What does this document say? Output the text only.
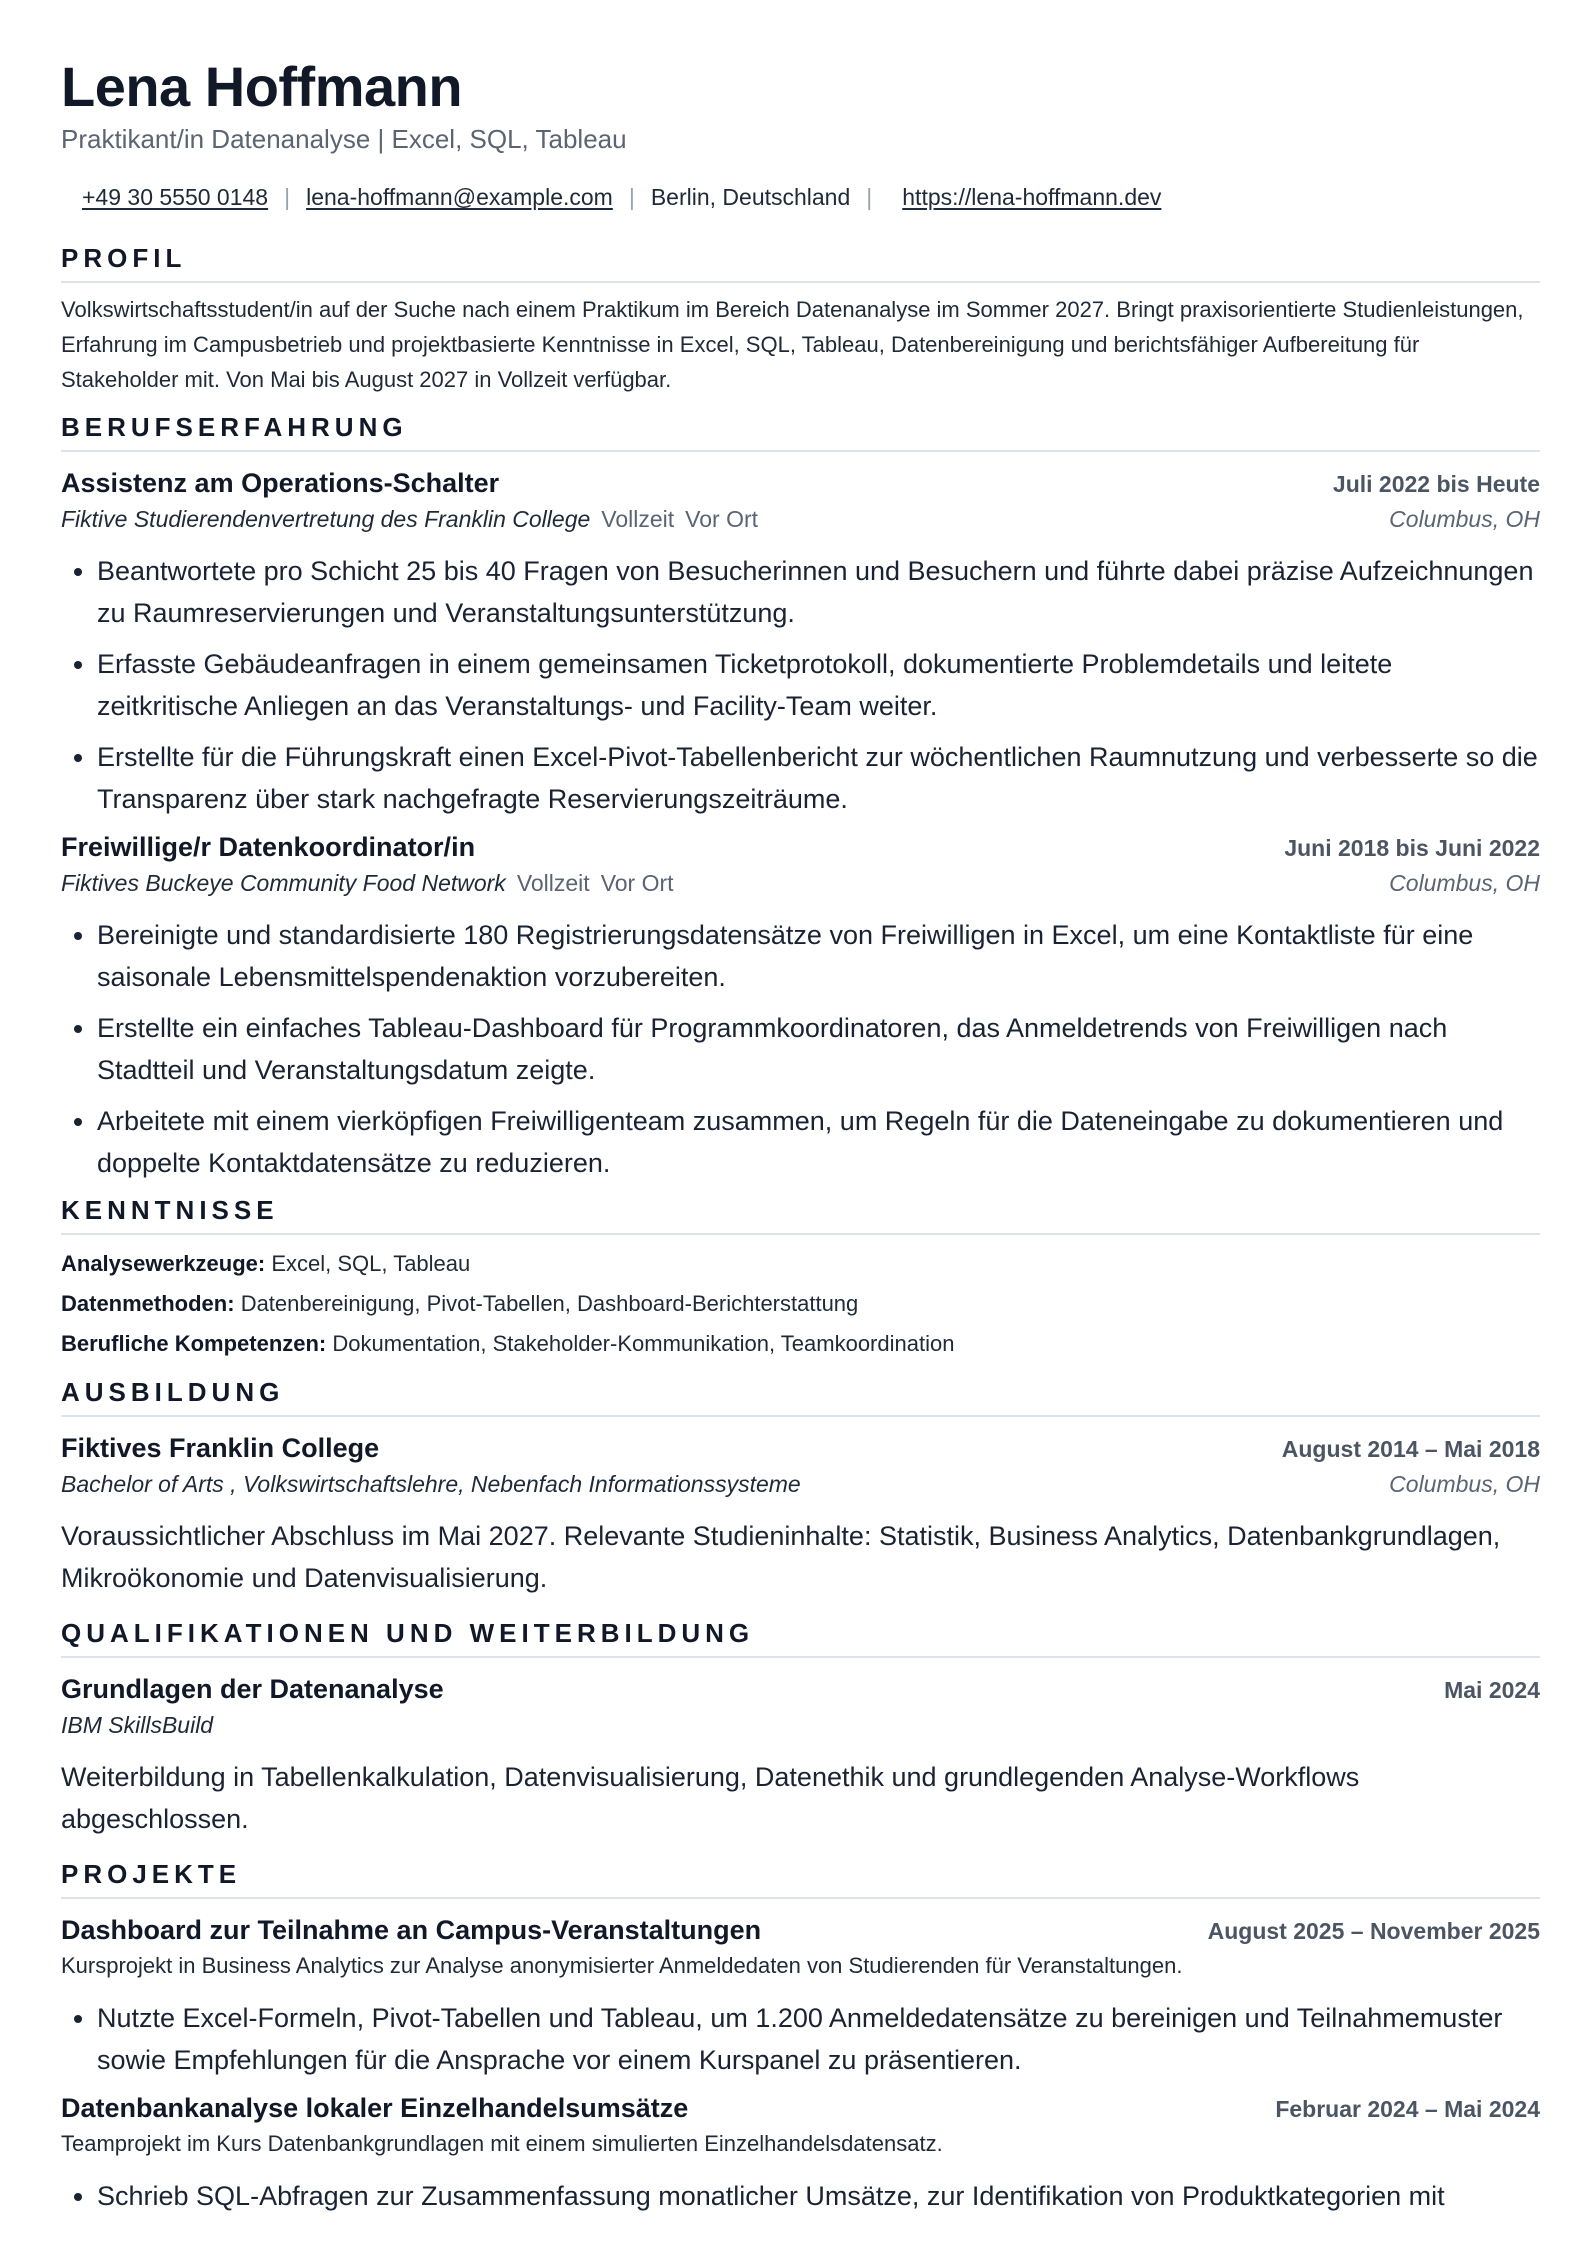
Lena Hoffmann
Praktikant/in Datenanalyse | Excel, SQL, Tableau
+49 30 5550 0148 | lena-hoffmann@example.com | Berlin, Deutschland | https://lena-hoffmann.dev
PROFIL
Volkswirtschaftsstudent/in auf der Suche nach einem Praktikum im Bereich Datenanalyse im Sommer 2027. Bringt praxisorientierte Studienleistungen, Erfahrung im Campusbetrieb und projektbasierte Kenntnisse in Excel, SQL, Tableau, Datenbereinigung und berichtsfähiger Aufbereitung für Stakeholder mit. Von Mai bis August 2027 in Vollzeit verfügbar.
BERUFSERFAHRUNG
Assistenz am Operations-Schalter	Juli 2022 bis Heute
Fiktive Studierendenvertretung des Franklin College Vollzeit Vor Ort	Columbus, OH
• Beantwortete pro Schicht 25 bis 40 Fragen von Besucherinnen und Besuchern und führte dabei präzise Aufzeichnungen zu Raumreservierungen und Veranstaltungsunterstützung.
• Erfasste Gebäudeanfragen in einem gemeinsamen Ticketprotokoll, dokumentierte Problemdetails und leitete zeitkritische Anliegen an das Veranstaltungs- und Facility-Team weiter.
• Erstellte für die Führungskraft einen Excel-Pivot-Tabellenbericht zur wöchentlichen Raumnutzung und verbesserte so die Transparenz über stark nachgefragte Reservierungszeiträume.
Freiwillige/r Datenkoordinator/in	Juni 2018 bis Juni 2022
Fiktives Buckeye Community Food Network Vollzeit Vor Ort	Columbus, OH
• Bereinigte und standardisierte 180 Registrierungsdatensätze von Freiwilligen in Excel, um eine Kontaktliste für eine saisonale Lebensmittelspendenaktion vorzubereiten.
• Erstellte ein einfaches Tableau-Dashboard für Programmkoordinatoren, das Anmeldetrends von Freiwilligen nach Stadtteil und Veranstaltungsdatum zeigte.
• Arbeitete mit einem vierköpfigen Freiwilligenteam zusammen, um Regeln für die Dateneingabe zu dokumentieren und doppelte Kontaktdatensätze zu reduzieren.
KENNTNISSE
Analysewerkzeuge: Excel, SQL, Tableau
Datenmethoden: Datenbereinigung, Pivot-Tabellen, Dashboard-Berichterstattung
Berufliche Kompetenzen: Dokumentation, Stakeholder-Kommunikation, Teamkoordination
AUSBILDUNG
Fiktives Franklin College	August 2014 – Mai 2018
Bachelor of Arts , Volkswirtschaftslehre, Nebenfach Informationssysteme	Columbus, OH
Voraussichtlicher Abschluss im Mai 2027. Relevante Studieninhalte: Statistik, Business Analytics, Datenbankgrundlagen, Mikroökonomie und Datenvisualisierung.
QUALIFIKATIONEN UND WEITERBILDUNG
Grundlagen der Datenanalyse	Mai 2024
IBM SkillsBuild
Weiterbildung in Tabellenkalkulation, Datenvisualisierung, Datenethik und grundlegenden Analyse-Workflows abgeschlossen.
PROJEKTE
Dashboard zur Teilnahme an Campus-Veranstaltungen	August 2025 – November 2025
Kursprojekt in Business Analytics zur Analyse anonymisierter Anmeldedaten von Studierenden für Veranstaltungen.
• Nutzte Excel-Formeln, Pivot-Tabellen und Tableau, um 1.200 Anmeldedatensätze zu bereinigen und Teilnahmemuster sowie Empfehlungen für die Ansprache vor einem Kurspanel zu präsentieren.
Datenbankanalyse lokaler Einzelhandelsumsätze	Februar 2024 – Mai 2024
Teamprojekt im Kurs Datenbankgrundlagen mit einem simulierten Einzelhandelsdatensatz.
• Schrieb SQL-Abfragen zur Zusammenfassung monatlicher Umsätze, zur Identifikation von Produktkategorien mit
